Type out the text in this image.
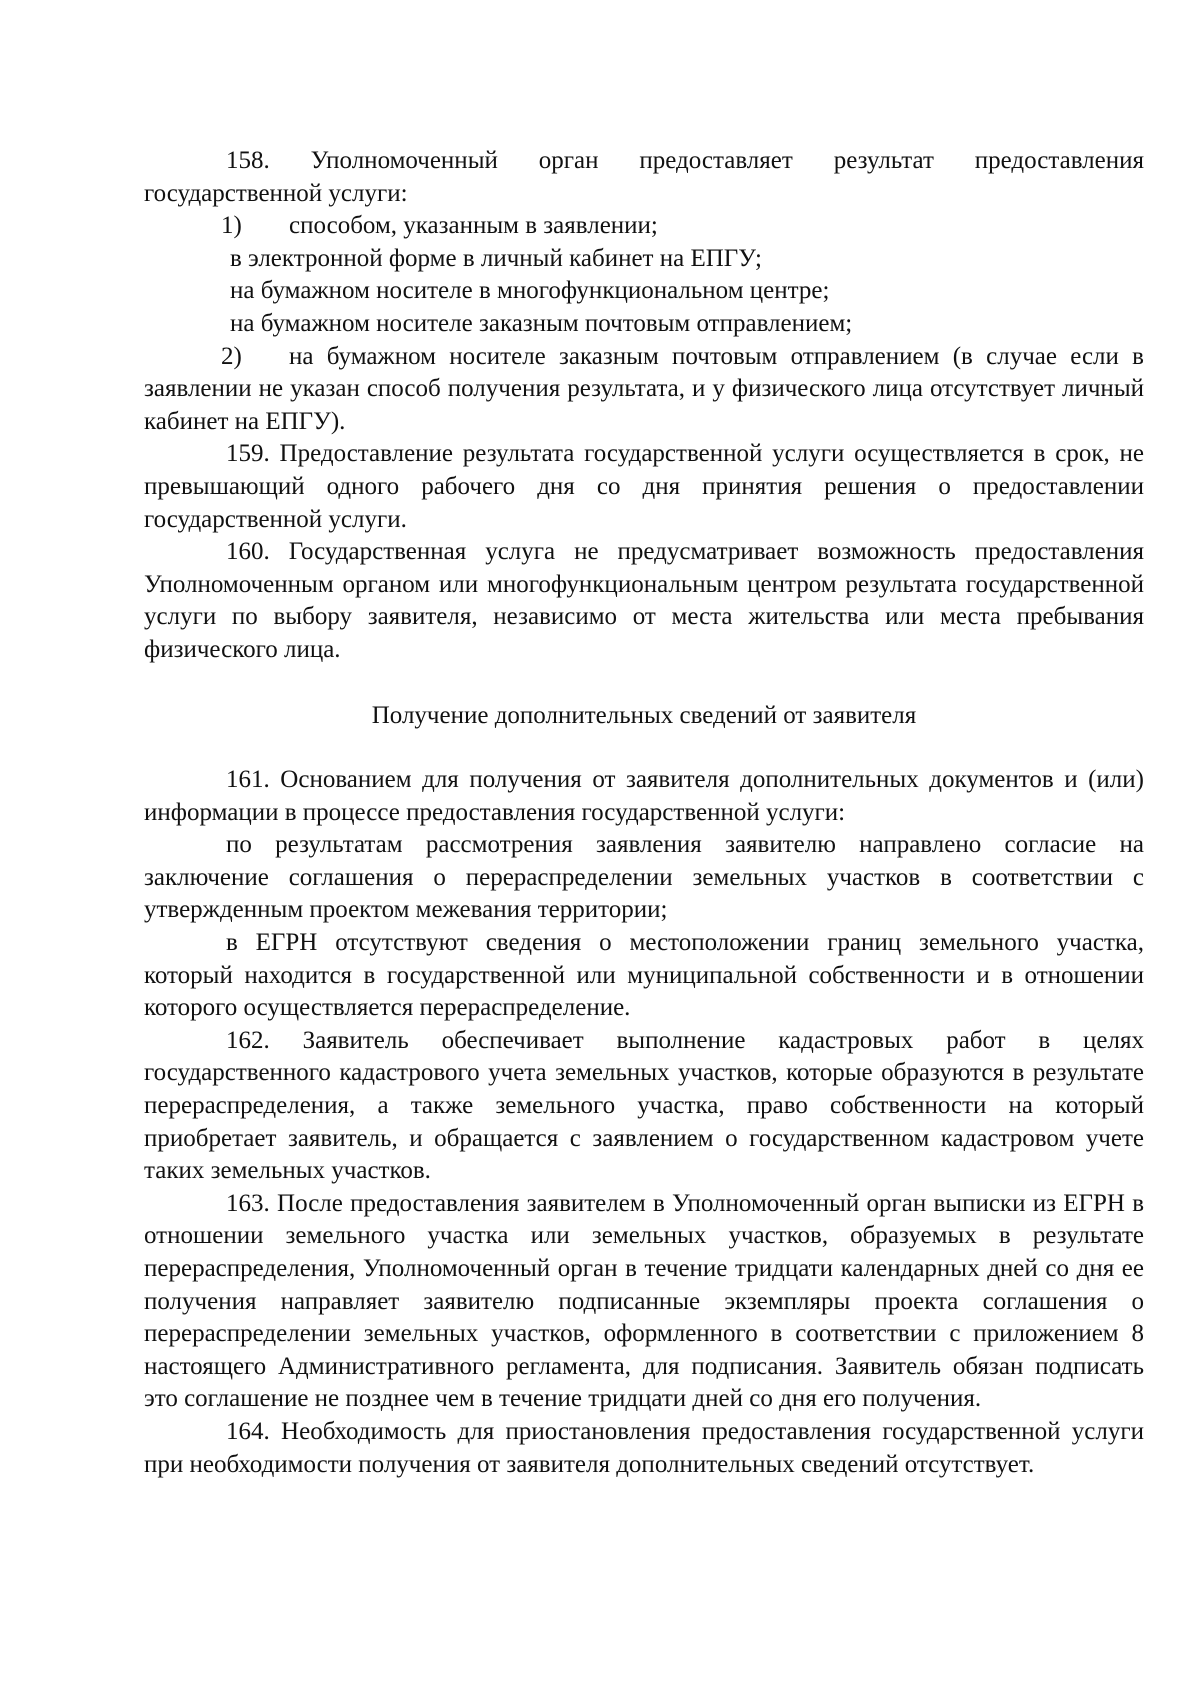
158. Уполномоченный орган предоставляет результат предоставления государственной услуги:

1) способом, указанным в заявлении;

в электронной форме в личный кабинет на ЕПГУ;

на бумажном носителе в многофункциональном центре;

на бумажном носителе заказным почтовым отправлением;

2) на бумажном носителе заказным почтовым отправлением (в случае если в заявлении не указан способ получения результата, и у физического лица отсутствует личный кабинет на ЕПГУ).

159. Предоставление результата государственной услуги осуществляется в срок, не превышающий одного рабочего дня со дня принятия решения о предоставлении государственной услуги.

160. Государственная услуга не предусматривает возможность предоставления Уполномоченным органом или многофункциональным центром результата государственной услуги по выбору заявителя, независимо от места жительства или места пребывания физического лица.

Получение дополнительных сведений от заявителя

161. Основанием для получения от заявителя дополнительных документов и (или) информации в процессе предоставления государственной услуги:

по результатам рассмотрения заявления заявителю направлено согласие на заключение соглашения о перераспределении земельных участков в соответствии с утвержденным проектом межевания территории;

в ЕГРН отсутствуют сведения о местоположении границ земельного участка, который находится в государственной или муниципальной собственности и в отношении которого осуществляется перераспределение.

162. Заявитель обеспечивает выполнение кадастровых работ в целях государственного кадастрового учета земельных участков, которые образуются в результате перераспределения, а также земельного участка, право собственности на который приобретает заявитель, и обращается с заявлением о государственном кадастровом учете таких земельных участков.

163. После предоставления заявителем в Уполномоченный орган выписки из ЕГРН в отношении земельного участка или земельных участков, образуемых в результате перераспределения, Уполномоченный орган в течение тридцати календарных дней со дня ее получения направляет заявителю подписанные экземпляры проекта соглашения о перераспределении земельных участков, оформленного в соответствии с приложением 8 настоящего Административного регламента, для подписания. Заявитель обязан подписать это соглашение не позднее чем в течение тридцати дней со дня его получения.

164. Необходимость для приостановления предоставления государственной услуги при необходимости получения от заявителя дополнительных сведений отсутствует.
